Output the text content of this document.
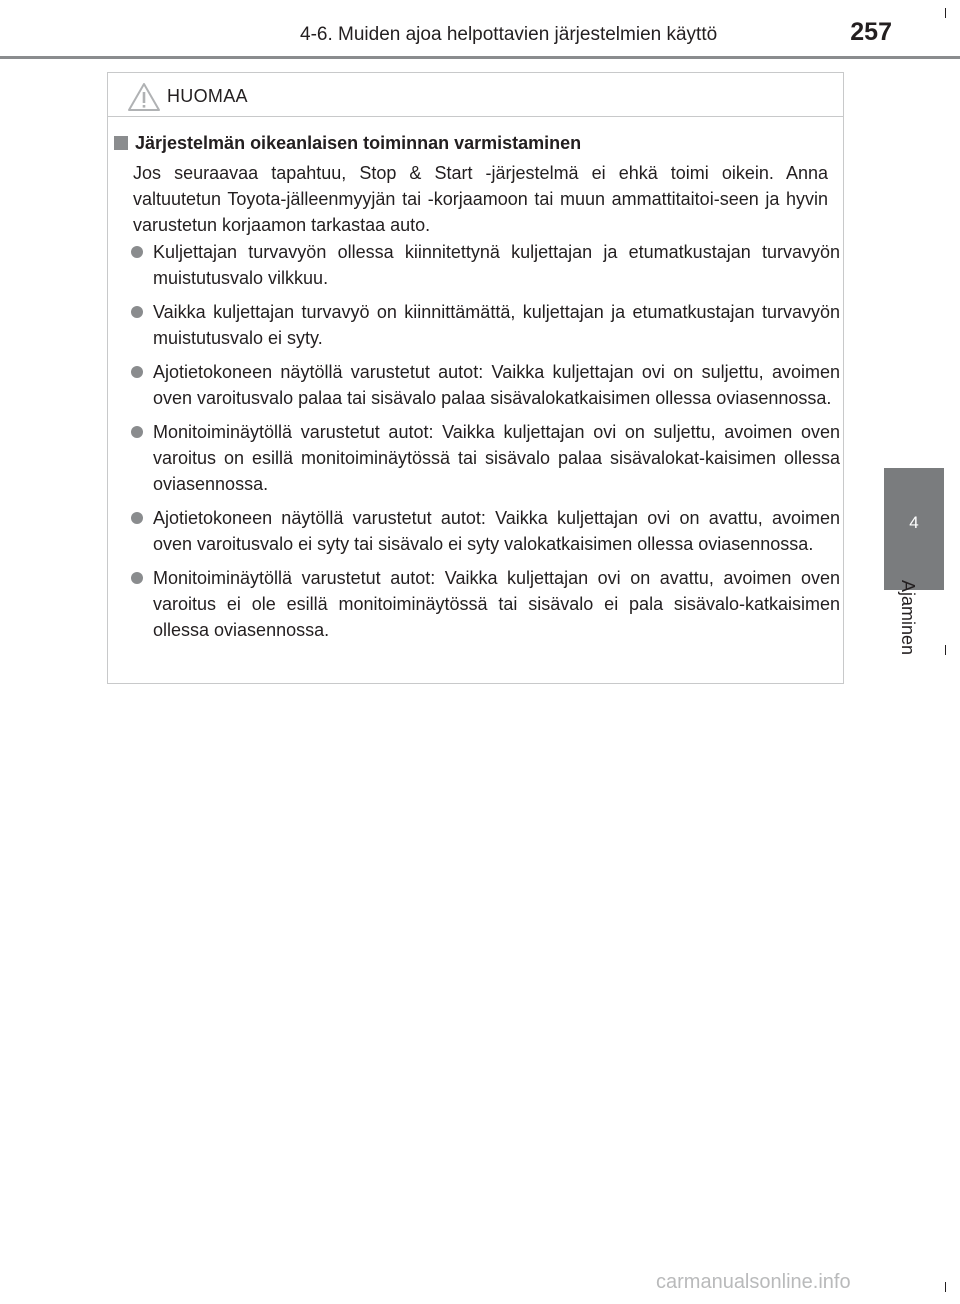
4-6. Muiden ajoa helpottavien järjestelmien käyttö	257
4
Ajaminen
HUOMAA
Järjestelmän oikeanlaisen toiminnan varmistaminen
Jos seuraavaa tapahtuu, Stop & Start -järjestelmä ei ehkä toimi oikein. Anna valtuutetun Toyota-jälleenmyyjän tai -korjaamoon tai muun ammattitaitoi-seen ja hyvin varustetun korjaamon tarkastaa auto.
Kuljettajan turvavyön ollessa kiinnitettynä kuljettajan ja etumatkustajan turvavyön muistutusvalo vilkkuu.
Vaikka kuljettajan turvavyö on kiinnittämättä, kuljettajan ja etumatkustajan turvavyön muistutusvalo ei syty.
Ajotietokoneen näytöllä varustetut autot: Vaikka kuljettajan ovi on suljettu, avoimen oven varoitusvalo palaa tai sisävalo palaa sisävalokatkaisimen ollessa oviasennossa.
Monitoiminäytöllä varustetut autot: Vaikka kuljettajan ovi on suljettu, avoimen oven varoitus on esillä monitoiminäytössä tai sisävalo palaa sisävalokat-kaisimen ollessa oviasennossa.
Ajotietokoneen näytöllä varustetut autot: Vaikka kuljettajan ovi on avattu, avoimen oven varoitusvalo ei syty tai sisävalo ei syty valokatkaisimen ollessa oviasennossa.
Monitoiminäytöllä varustetut autot: Vaikka kuljettajan ovi on avattu, avoimen oven varoitus ei ole esillä monitoiminäytössä tai sisävalo ei pala sisävalo-katkaisimen ollessa oviasennossa.
carmanualsonline.info
